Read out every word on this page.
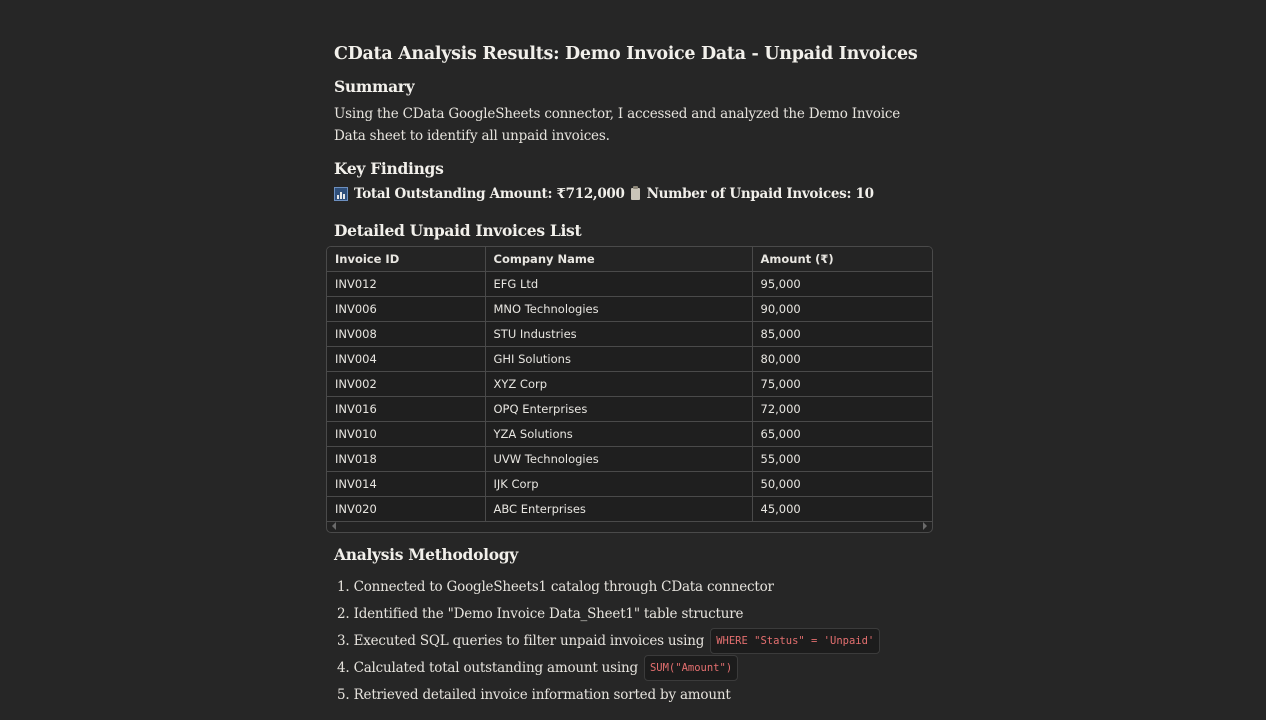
CData Analysis Results: Demo Invoice Data - Unpaid Invoices
Summary

Using the CData GoogleSheets connector, I accessed and analyzed the Demo Invoice Data sheet to identify all unpaid invoices.

Key Findings
Total Outstanding Amount: ₹712,000 Number of Unpaid Invoices: 10
Detailed Unpaid Invoices List
Analysis Methodology
1. Connected to GoogleSheets1 catalog through CData connector
2. Identified the "Demo Invoice Data_Sheet1" table structure
3. Executed SQL queries to filter unpaid invoices using	WHERE "Status" = 'Unpaid'
4. Calculated total outstanding amount using	SUM("Amount")
5. Retrieved detailed invoice information sorted by amount
Invoice ID	Company Name	Amount (₹)
INV012	EFG Ltd	95,000
INV006	MNO Technologies	90,000
INV008	STU Industries	85,000
INV004	GHI Solutions	80,000
INV002	XYZ Corp	75,000
INV016	OPQ Enterprises	72,000
INV010	YZA Solutions	65,000
INV018	UVW Technologies	55,000
INV014	IJK Corp	50,000
INV020	ABC Enterprises	45,000
